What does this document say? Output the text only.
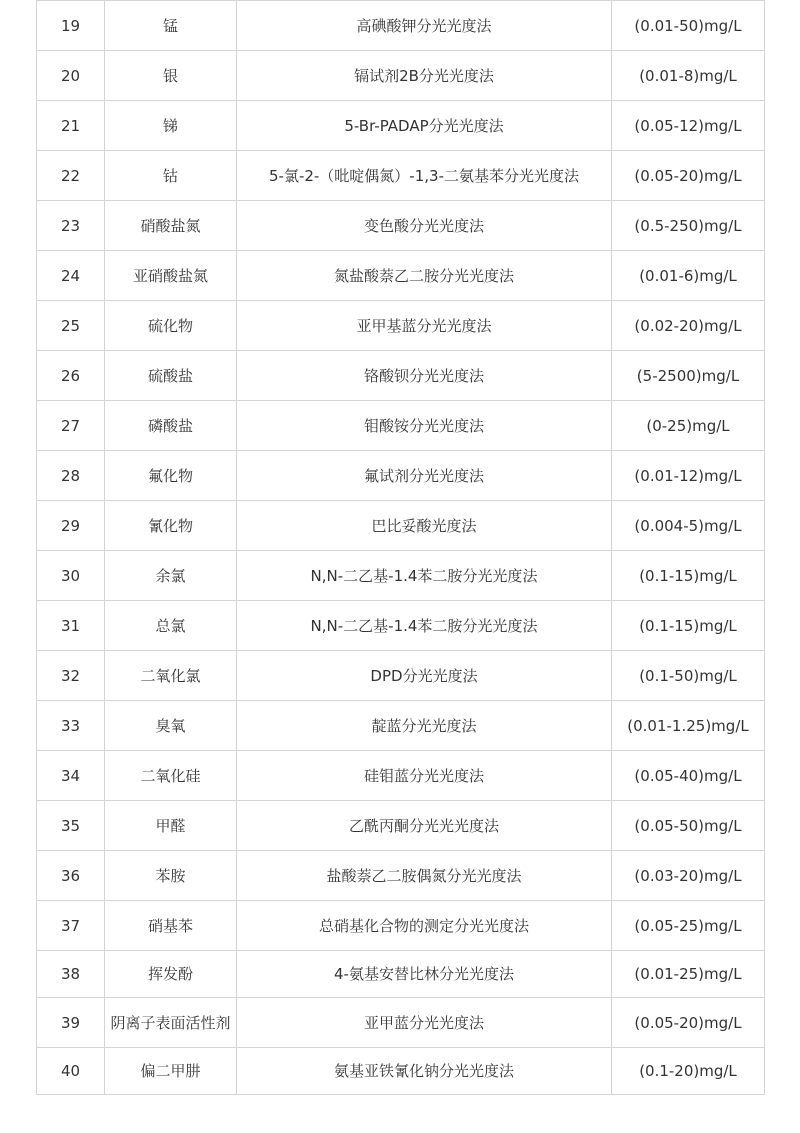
19	锰	高碘酸钾分光光度法	(0.01-50)mg/L
20	银	镉试剂2B分光光度法	(0.01-8)mg/L
21	锑	5-Br-PADAP分光光度法	(0.05-12)mg/L
22	钴	5-氯-2-（吡啶偶氮）-1,3-二氨基苯分光光度法	(0.05-20)mg/L
23	硝酸盐氮	变色酸分光光度法	(0.5-250)mg/L
24	亚硝酸盐氮	氮盐酸萘乙二胺分光光度法	(0.01-6)mg/L
25	硫化物	亚甲基蓝分光光度法	(0.02-20)mg/L
26	硫酸盐	铬酸钡分光光度法	(5-2500)mg/L
27	磷酸盐	钼酸铵分光光度法	(0-25)mg/L
28	氟化物	氟试剂分光光度法	(0.01-12)mg/L
29	氰化物	巴比妥酸光度法	(0.004-5)mg/L
30	余氯	N,N-二乙基-1.4苯二胺分光光度法	(0.1-15)mg/L
31	总氯	N,N-二乙基-1.4苯二胺分光光度法	(0.1-15)mg/L
32	二氧化氯	DPD分光光度法	(0.1-50)mg/L
33	臭氧	靛蓝分光光度法	(0.01-1.25)mg/L
34	二氧化硅	硅钼蓝分光光度法	(0.05-40)mg/L
35	甲醛	乙酰丙酮分光光光度法	(0.05-50)mg/L
36	苯胺	盐酸萘乙二胺偶氮分光光度法	(0.03-20)mg/L
37	硝基苯	总硝基化合物的测定分光光度法	(0.05-25)mg/L
38	挥发酚	4-氨基安替比林分光光度法	(0.01-25)mg/L
39	阴离子表面活性剂	亚甲蓝分光光度法	(0.05-20)mg/L
40	偏二甲肼	氨基亚铁氰化钠分光光度法	(0.1-20)mg/L
